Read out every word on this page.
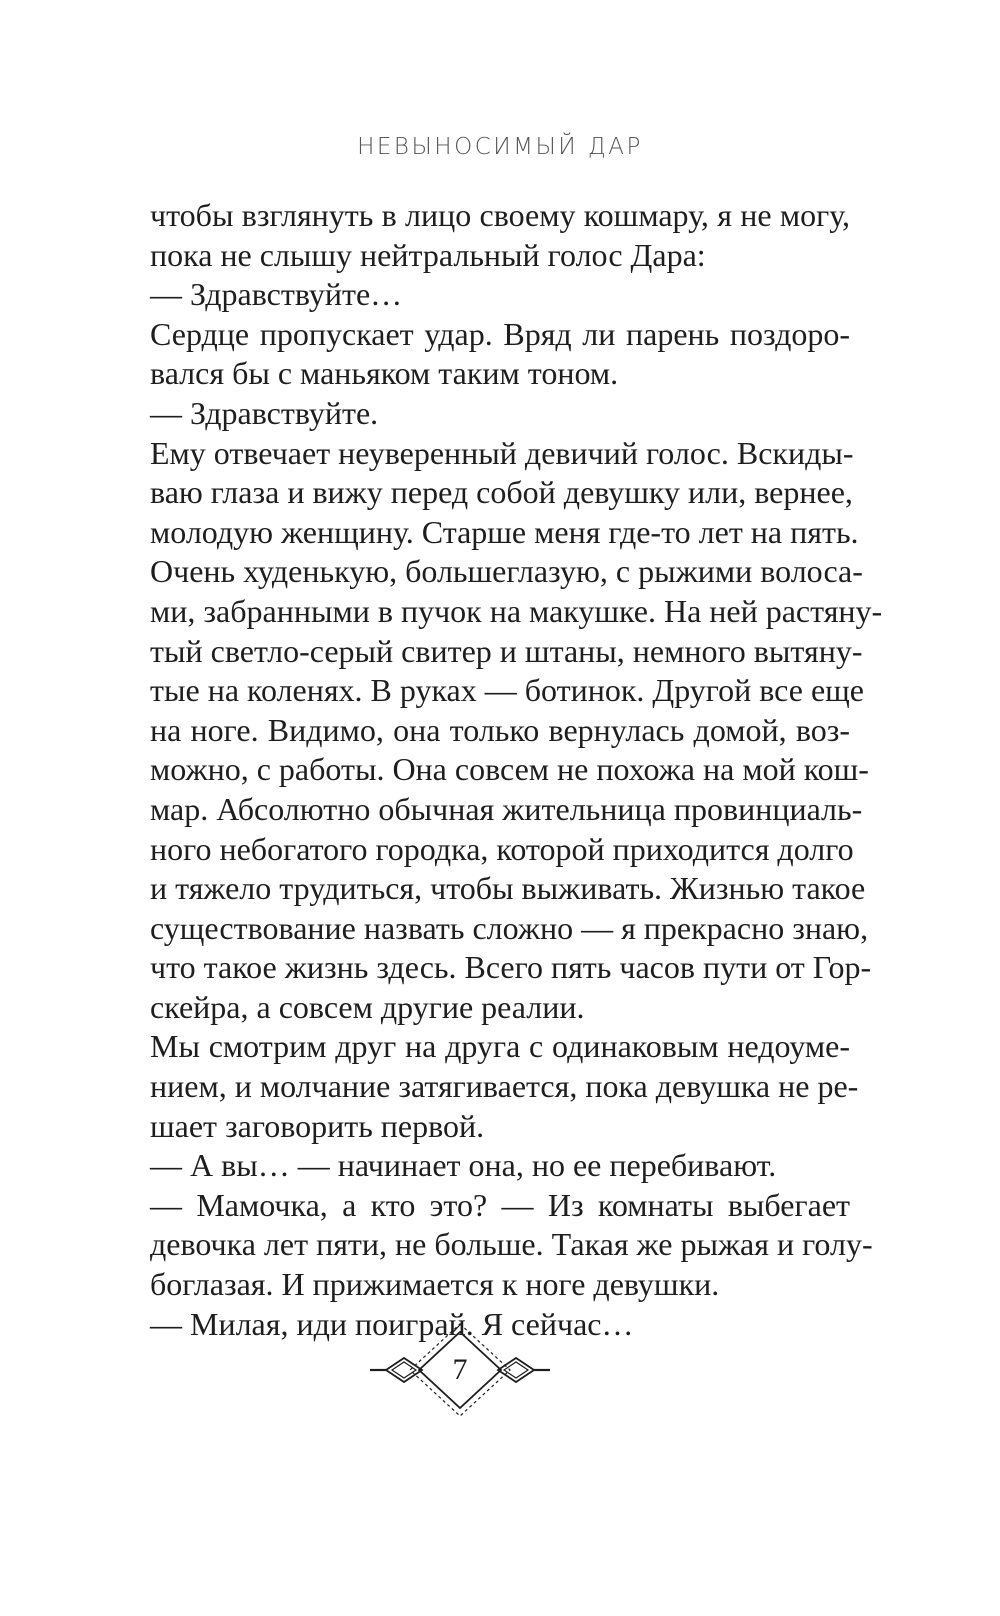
НЕВЫНОСИМЫЙ ДАР
чтобы взглянуть в лицо своему кошмару, я не могу,
пока не слышу нейтральный голос Дара:
— Здравствуйте…
Сердце пропускает удар. Вряд ли парень поздоро-
вался бы с маньяком таким тоном.
— Здравствуйте.
Ему отвечает неуверенный девичий голос. Вскиды-
ваю глаза и вижу перед собой девушку или, вернее,
молодую женщину. Старше меня где-то лет на пять.
Очень худенькую, большеглазую, с рыжими волоса-
ми, забранными в пучок на макушке. На ней растяну-
тый светло-серый свитер и штаны, немного вытяну-
тые на коленях. В руках — ботинок. Другой все еще
на ноге. Видимо, она только вернулась домой, воз-
можно, с работы. Она совсем не похожа на мой кош-
мар. Абсолютно обычная жительница провинциаль-
ного небогатого городка, которой приходится долго
и тяжело трудиться, чтобы выживать. Жизнью такое
существование назвать сложно — я прекрасно знаю,
что такое жизнь здесь. Всего пять часов пути от Гор-
скейра, а совсем другие реалии.
Мы смотрим друг на друга с одинаковым недоуме-
нием, и молчание затягивается, пока девушка не ре-
шает заговорить первой.
— А вы… — начинает она, но ее перебивают.
— Мамочка, а кто это? — Из комнаты выбегает
девочка лет пяти, не больше. Такая же рыжая и голу-
боглазая. И прижимается к ноге девушки.
— Милая, иди поиграй. Я сейчас…
7
